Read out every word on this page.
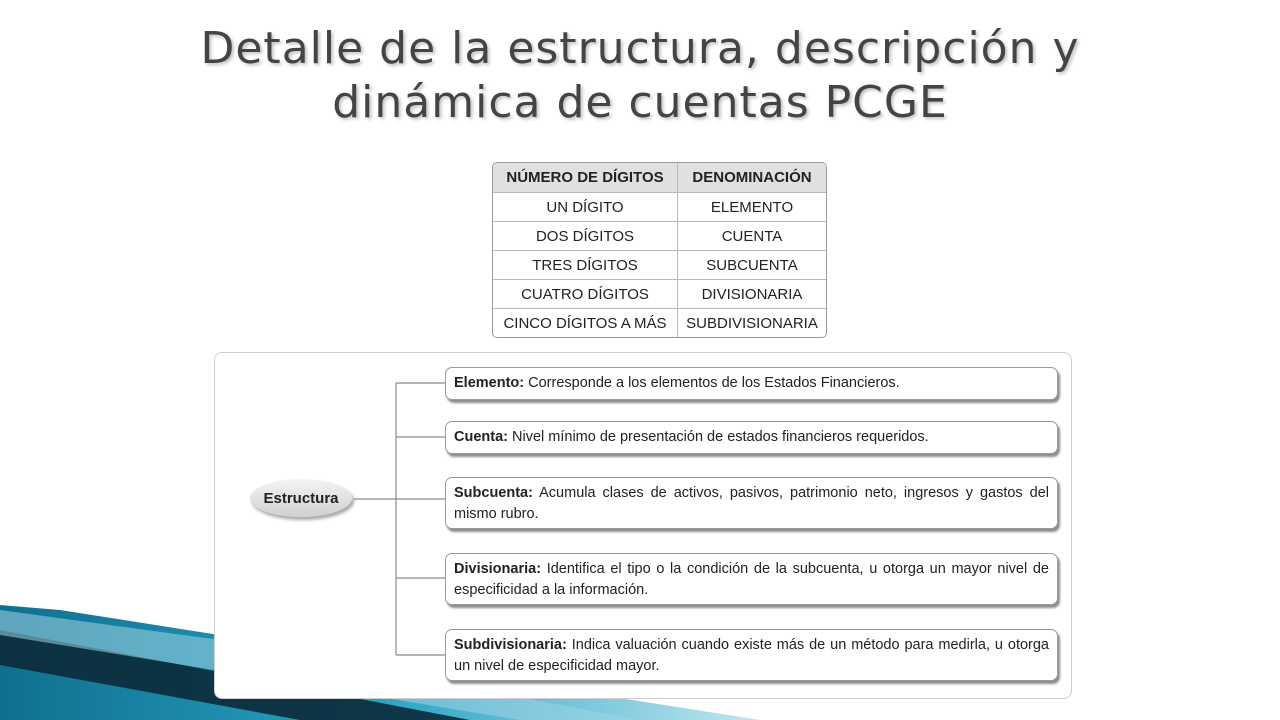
Detalle de la estructura, descripción y
dinámica de cuentas PCGE
NÚMERO DE DÍGITOS	DENOMINACIÓN
UN DÍGITO	ELEMENTO
DOS DÍGITOS	CUENTA
TRES DÍGITOS	SUBCUENTA
CUATRO DÍGITOS	DIVISIONARIA
CINCO DÍGITOS A MÁS	SUBDIVISIONARIA
Estructura
Elemento: Corresponde a los elementos de los Estados Financieros.
Cuenta: Nivel mínimo de presentación de estados financieros requeridos.
Subcuenta: Acumula clases de activos, pasivos, patrimonio neto, ingresos y gastos del mismo rubro.
Divisionaria: Identifica el tipo o la condición de la subcuenta, u otorga un mayor nivel de especificidad a la información.
Subdivisionaria: Indica valuación cuando existe más de un método para medirla, u otorga un nivel de especificidad mayor.
